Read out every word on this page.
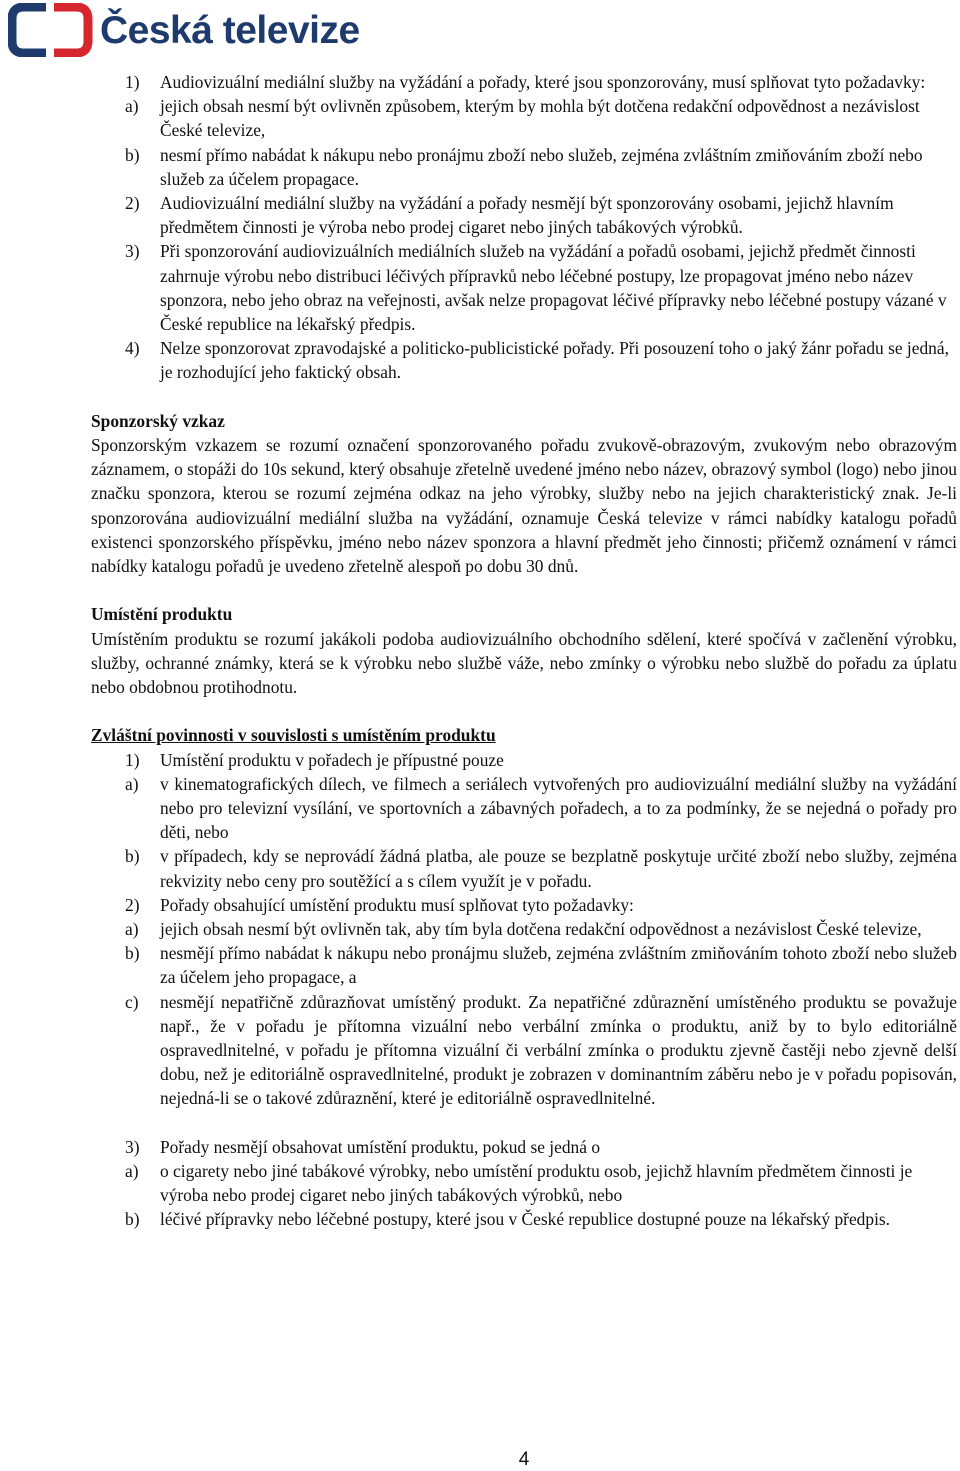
Česká televize
1)	Audiovizuální mediální služby na vyžádání a pořady, které jsou sponzorovány, musí splňovat tyto požadavky:
a)	jejich obsah nesmí být ovlivněn způsobem, kterým by mohla být dotčena redakční odpovědnost a nezávislost České televize,
b)	nesmí přímo nabádat k nákupu nebo pronájmu zboží nebo služeb, zejména zvláštním zmiňováním zboží nebo služeb za účelem propagace.
2)	Audiovizuální mediální služby na vyžádání a pořady nesmějí být sponzorovány osobami, jejichž hlavním předmětem činnosti je výroba nebo prodej cigaret nebo jiných tabákových výrobků.
3)	Při sponzorování audiovizuálních mediálních služeb na vyžádání a pořadů osobami, jejichž předmět činnosti zahrnuje výrobu nebo distribuci léčivých přípravků nebo léčebné postupy, lze propagovat jméno nebo název sponzora, nebo jeho obraz na veřejnosti, avšak nelze propagovat léčivé přípravky nebo léčebné postupy vázané v České republice na lékařský předpis.
4)	Nelze sponzorovat zpravodajské a politicko-publicistické pořady. Při posouzení toho o jaký žánr pořadu se jedná, je rozhodující jeho faktický obsah.
Sponzorský vzkaz
Sponzorským vzkazem se rozumí označení sponzorovaného pořadu zvukově-obrazovým, zvukovým nebo obrazovým záznamem, o stopáži do 10s sekund, který obsahuje zřetelně uvedené jméno nebo název, obrazový symbol (logo) nebo jinou značku sponzora, kterou se rozumí zejména odkaz na jeho výrobky, služby nebo na jejich charakteristický znak. Je-li sponzorována audiovizuální mediální služba na vyžádání, oznamuje Česká televize v rámci nabídky katalogu pořadů existenci sponzorského příspěvku, jméno nebo název sponzora a hlavní předmět jeho činnosti; přičemž oznámení v rámci nabídky katalogu pořadů je uvedeno zřetelně alespoň po dobu 30 dnů.
Umístění produktu
Umístěním produktu se rozumí jakákoli podoba audiovizuálního obchodního sdělení, které spočívá v začlenění výrobku, služby, ochranné známky, která se k výrobku nebo službě váže, nebo zmínky o výrobku nebo službě do pořadu za úplatu nebo obdobnou protihodnotu.
Zvláštní povinnosti v souvislosti s umístěním produktu
1)	Umístění produktu v pořadech je přípustné pouze
a)	v kinematografických dílech, ve filmech a seriálech vytvořených pro audiovizuální mediální služby na vyžádání nebo pro televizní vysílání, ve sportovních a zábavných pořadech, a to za podmínky, že se nejedná o pořady pro děti, nebo
b)	v případech, kdy se neprovádí žádná platba, ale pouze se bezplatně poskytuje určité zboží nebo služby, zejména rekvizity nebo ceny pro soutěžící a s cílem využít je v pořadu.
2)	Pořady obsahující umístění produktu musí splňovat tyto požadavky:
a)	jejich obsah nesmí být ovlivněn tak, aby tím byla dotčena redakční odpovědnost a nezávislost České televize,
b)	nesmějí přímo nabádat k nákupu nebo pronájmu služeb, zejména zvláštním zmiňováním tohoto zboží nebo služeb za účelem jeho propagace, a
c)	nesmějí nepatřičně zdůrazňovat umístěný produkt. Za nepatřičné zdůraznění umístěného produktu se považuje např., že v pořadu je přítomna vizuální nebo verbální zmínka o produktu, aniž by to bylo editoriálně ospravedlnitelné, v pořadu je přítomna vizuální či verbální zmínka o produktu zjevně častěji nebo zjevně delší dobu, než je editoriálně ospravedlnitelné, produkt je zobrazen v dominantním záběru nebo je v pořadu popisován, nejedná-li se o takové zdůraznění, které je editoriálně ospravedlnitelné.
3)	Pořady nesmějí obsahovat umístění produktu, pokud se jedná o
a)	o cigarety nebo jiné tabákové výrobky, nebo umístění produktu osob, jejichž hlavním předmětem činnosti je výroba nebo prodej cigaret nebo jiných tabákových výrobků, nebo
b)	léčivé přípravky nebo léčebné postupy, které jsou v České republice dostupné pouze na lékařský předpis.
4
